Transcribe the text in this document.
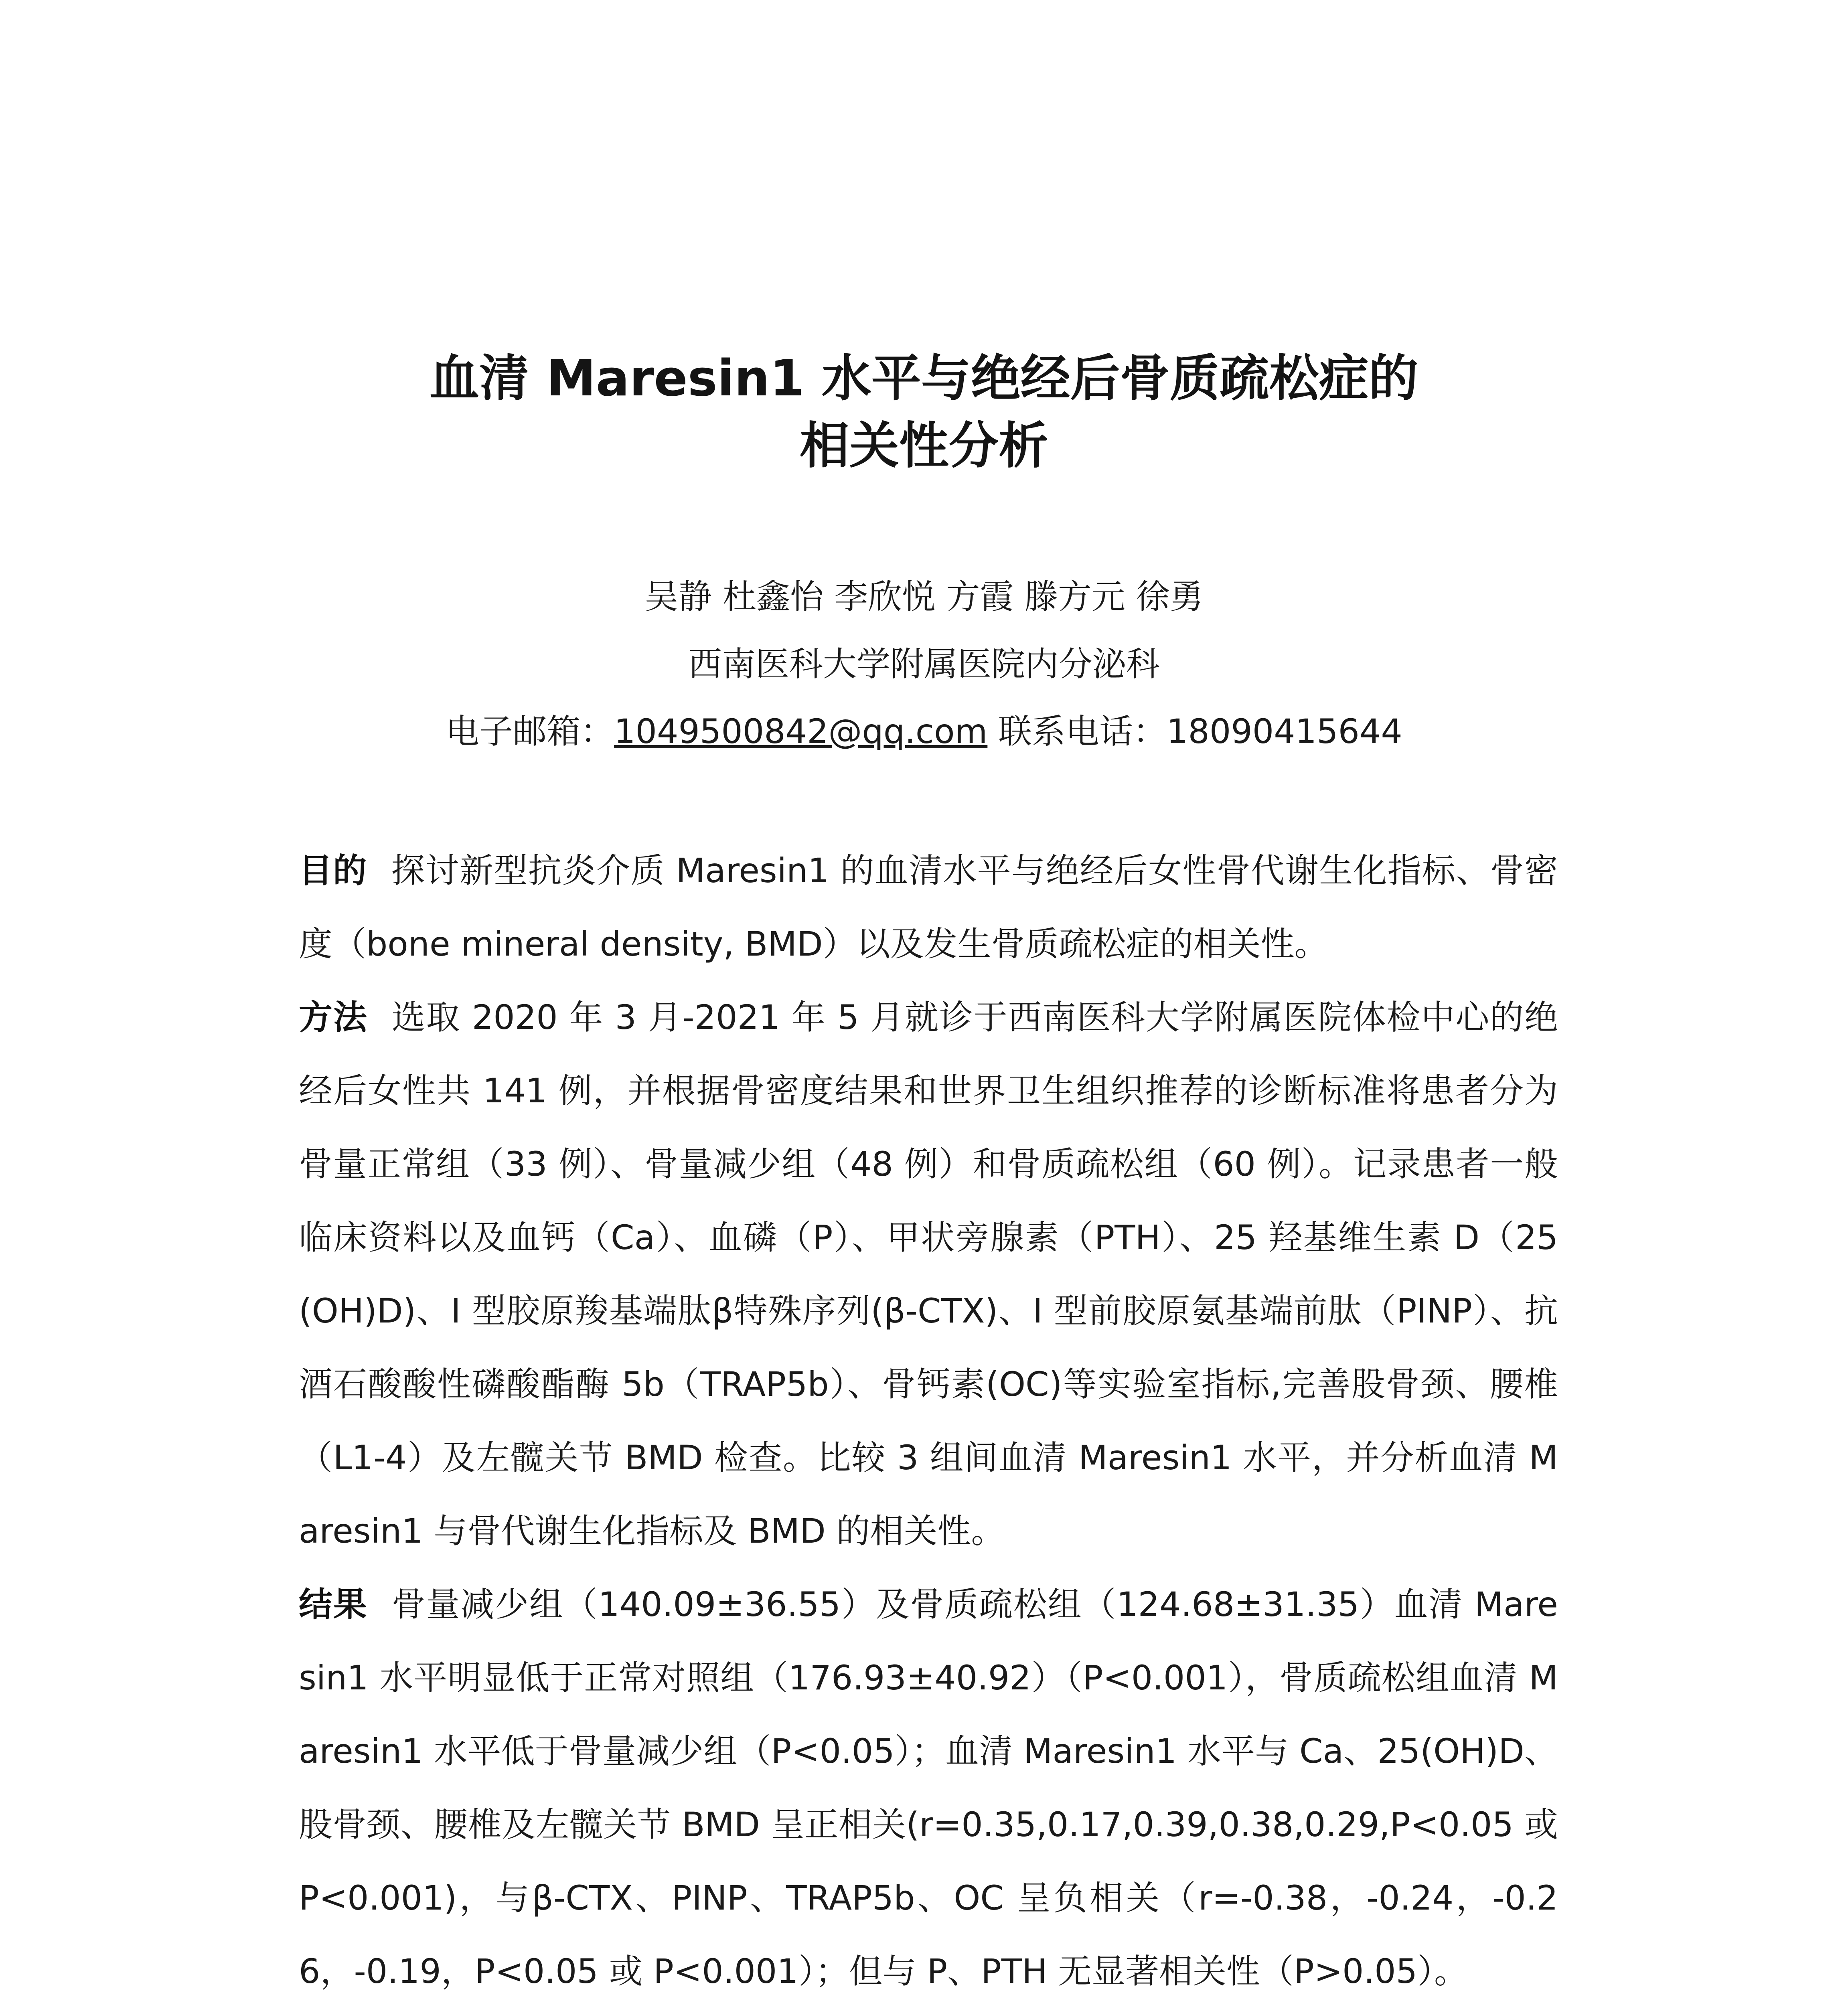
血清 Maresin1 水平与绝经后骨质疏松症的
相关性分析
吴静 杜鑫怡 李欣悦 方霞 滕方元 徐勇
西南医科大学附属医院内分泌科
电子邮箱：1049500842@qq.com 联系电话：18090415644

目的 探讨新型抗炎介质 Maresin1 的血清水平与绝经后女性骨代谢生化指标、骨密度（bone mineral density, BMD）以及发生骨质疏松症的相关性。

方法 选取 2020 年 3 月-2021 年 5 月就诊于西南医科大学附属医院体检中心的绝经后女性共 141 例，并根据骨密度结果和世界卫生组织推荐的诊断标准将患者分为骨量正常组（33 例）、骨量减少组（48 例）和骨质疏松组（60 例）。记录患者一般临床资料以及血钙（Ca）、血磷（P）、甲状旁腺素（PTH）、25 羟基维生素 D（25(OH)D)、I 型胶原羧基端肽β特殊序列(β-CTX)、I 型前胶原氨基端前肽（PINP）、抗酒石酸酸性磷酸酯酶 5b（TRAP5b）、骨钙素(OC)等实验室指标,完善股骨颈、腰椎（L1-4）及左髋关节 BMD 检查。比较 3 组间血清 Maresin1 水平，并分析血清 Maresin1 与骨代谢生化指标及 BMD 的相关性。

结果 骨量减少组（140.09±36.55）及骨质疏松组（124.68±31.35）血清 Maresin1 水平明显低于正常对照组（176.93±40.92）（P<0.001），骨质疏松组血清 Maresin1 水平低于骨量减少组（P<0.05）；血清 Maresin1 水平与 Ca、25(OH)D、股骨颈、腰椎及左髋关节 BMD 呈正相关(r=0.35,0.17,0.39,0.38,0.29,P<0.05 或 P<0.001)，与β-CTX、PINP、TRAP5b、OC 呈负相关（r=-0.38，-0.24，-0.26，-0.19，P<0.05 或 P<0.001）；但与 P、PTH 无显著相关性（P>0.05）。
